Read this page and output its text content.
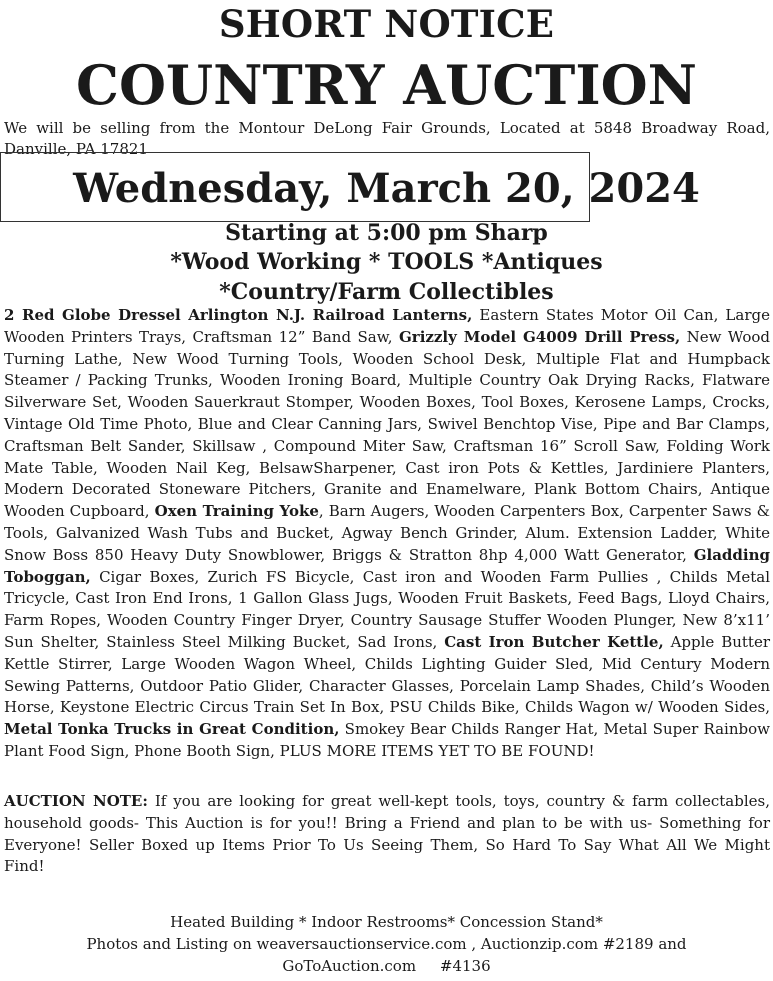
SHORT NOTICE
COUNTRY AUCTION
We will be selling from the Montour DeLong Fair Grounds, Located at 5848 Broadway Road, Danville, PA 17821
Wednesday, March 20, 2024
Starting at 5:00 pm Sharp
*Wood Working * TOOLS *Antiques
*Country/Farm Collectibles
2 Red Globe Dressel Arlington N.J. Railroad Lanterns, Eastern States Motor Oil Can, Large Wooden Printers Trays, Craftsman 12” Band Saw, Grizzly Model G4009 Drill Press, New Wood Turning Lathe, New Wood Turning Tools, Wooden School Desk, Multiple Flat and Humpback Steamer / Packing Trunks, Wooden Ironing Board, Multiple Country Oak Drying Racks, Flatware Silverware Set, Wooden Sauerkraut Stomper, Wooden Boxes, Tool Boxes, Kerosene Lamps, Crocks, Vintage Old Time Photo, Blue and Clear Canning Jars, Swivel Benchtop Vise, Pipe and Bar Clamps, Craftsman Belt Sander, Skillsaw , Compound Miter Saw, Craftsman 16” Scroll Saw, Folding Work Mate Table, Wooden Nail Keg, BelsawSharpener, Cast iron Pots & Kettles, Jardiniere Planters, Modern Decorated Stoneware Pitchers, Granite and Enamelware, Plank Bottom Chairs, Antique Wooden Cupboard, Oxen Training Yoke, Barn Augers, Wooden Carpenters Box, Carpenter Saws & Tools, Galvanized Wash Tubs and Bucket, Agway Bench Grinder, Alum. Extension Ladder, White Snow Boss 850 Heavy Duty Snowblower, Briggs & Stratton 8hp 4,000 Watt Generator, Gladding Toboggan, Cigar Boxes, Zurich FS Bicycle, Cast iron and Wooden Farm Pullies , Childs Metal Tricycle, Cast Iron End Irons, 1 Gallon Glass Jugs, Wooden Fruit Baskets, Feed Bags, Lloyd Chairs, Farm Ropes, Wooden Country Finger Dryer, Country Sausage Stuffer Wooden Plunger, New 8’x11’ Sun Shelter, Stainless Steel Milking Bucket, Sad Irons, Cast Iron Butcher Kettle, Apple Butter Kettle Stirrer, Large Wooden Wagon Wheel, Childs Lighting Guider Sled, Mid Century Modern Sewing Patterns, Outdoor Patio Glider, Character Glasses, Porcelain Lamp Shades, Child’s Wooden Horse, Keystone Electric Circus Train Set In Box, PSU Childs Bike, Childs Wagon w/ Wooden Sides, Metal Tonka Trucks in Great Condition, Smokey Bear Childs Ranger Hat, Metal Super Rainbow Plant Food Sign, Phone Booth Sign, PLUS MORE ITEMS YET TO BE FOUND!
AUCTION NOTE: If you are looking for great well-kept tools, toys, country & farm collectables, household goods- This Auction is for you!! Bring a Friend and plan to be with us- Something for Everyone! Seller Boxed up Items Prior To Us Seeing Them, So Hard To Say What All We Might Find!
Heated Building * Indoor Restrooms* Concession Stand*
Photos and Listing on weaversauctionservice.com , Auctionzip.com #2189 and
GoToAuction.com     #4136
